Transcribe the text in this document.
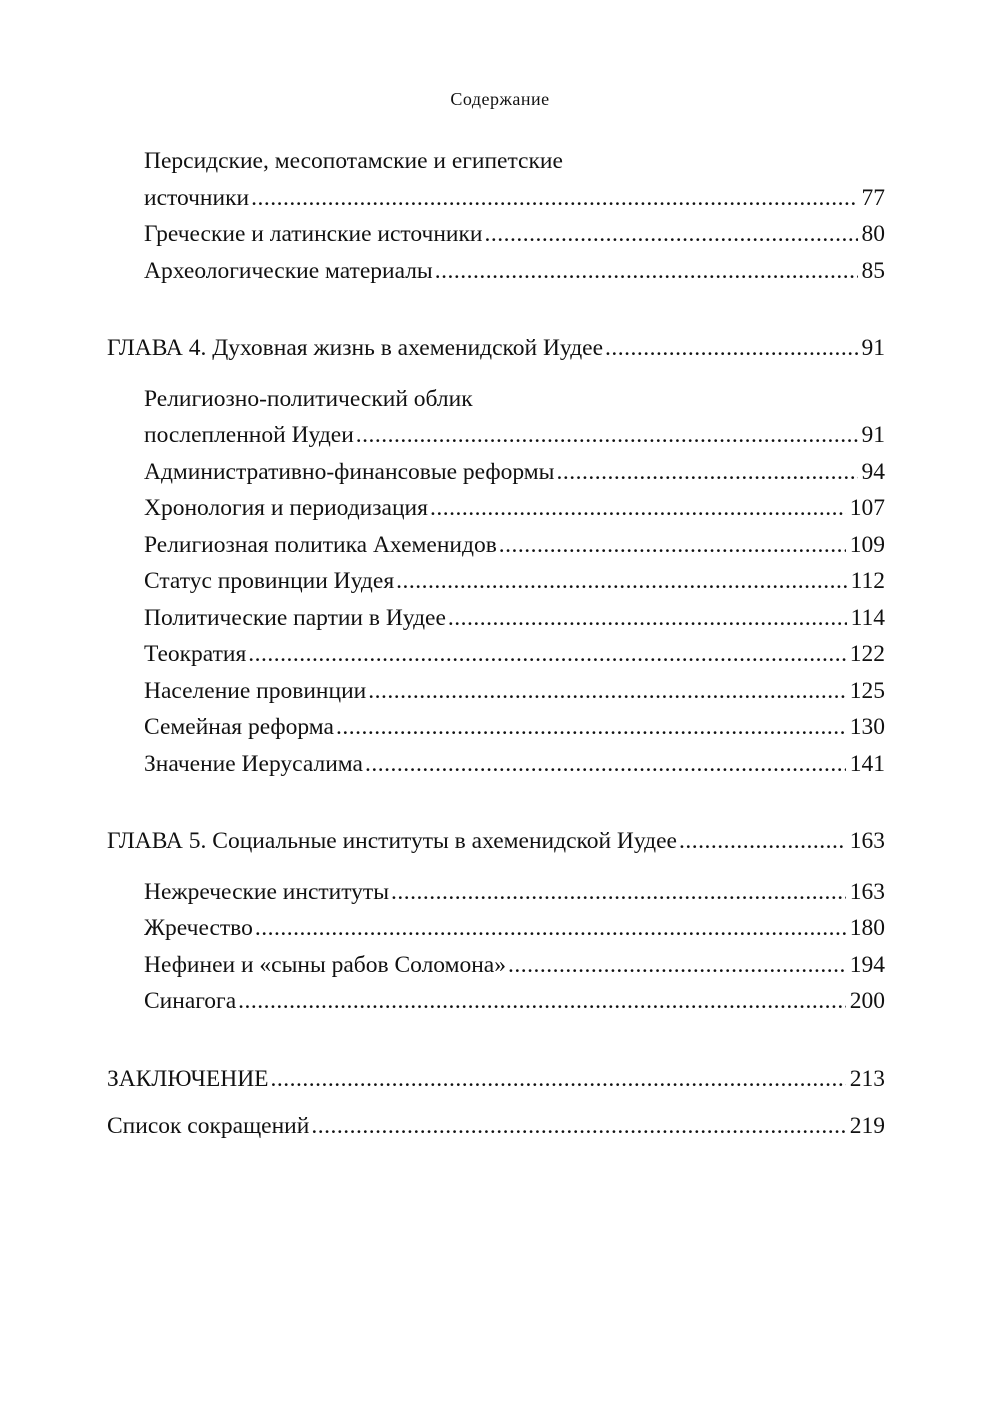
Содержание
Персидские, месопотамские и египетские
источники .....	77
Греческие и латинские источники .....	80
Археологические материалы .....	85
ГЛАВА 4. Духовная жизнь в ахеменидской Иудее .....	91
Религиозно-политический облик
послепленной Иудеи .....	91
Административно-финансовые реформы .....	94
Хронология и периодизация .....	107
Религиозная политика Ахеменидов .....	109
Статус провинции Иудея .....	112
Политические партии в Иудее .....	114
Теократия .....	122
Население провинции .....	125
Семейная реформа .....	130
Значение Иерусалима .....	141
ГЛАВА 5. Социальные институты в ахеменидской Иудее .....	163
Нежреческие институты .....	163
Жречество .....	180
Нефинеи и «сыны рабов Соломона» .....	194
Синагога .....	200
ЗАКЛЮЧЕНИЕ .....	213
Список сокращений .....	219
